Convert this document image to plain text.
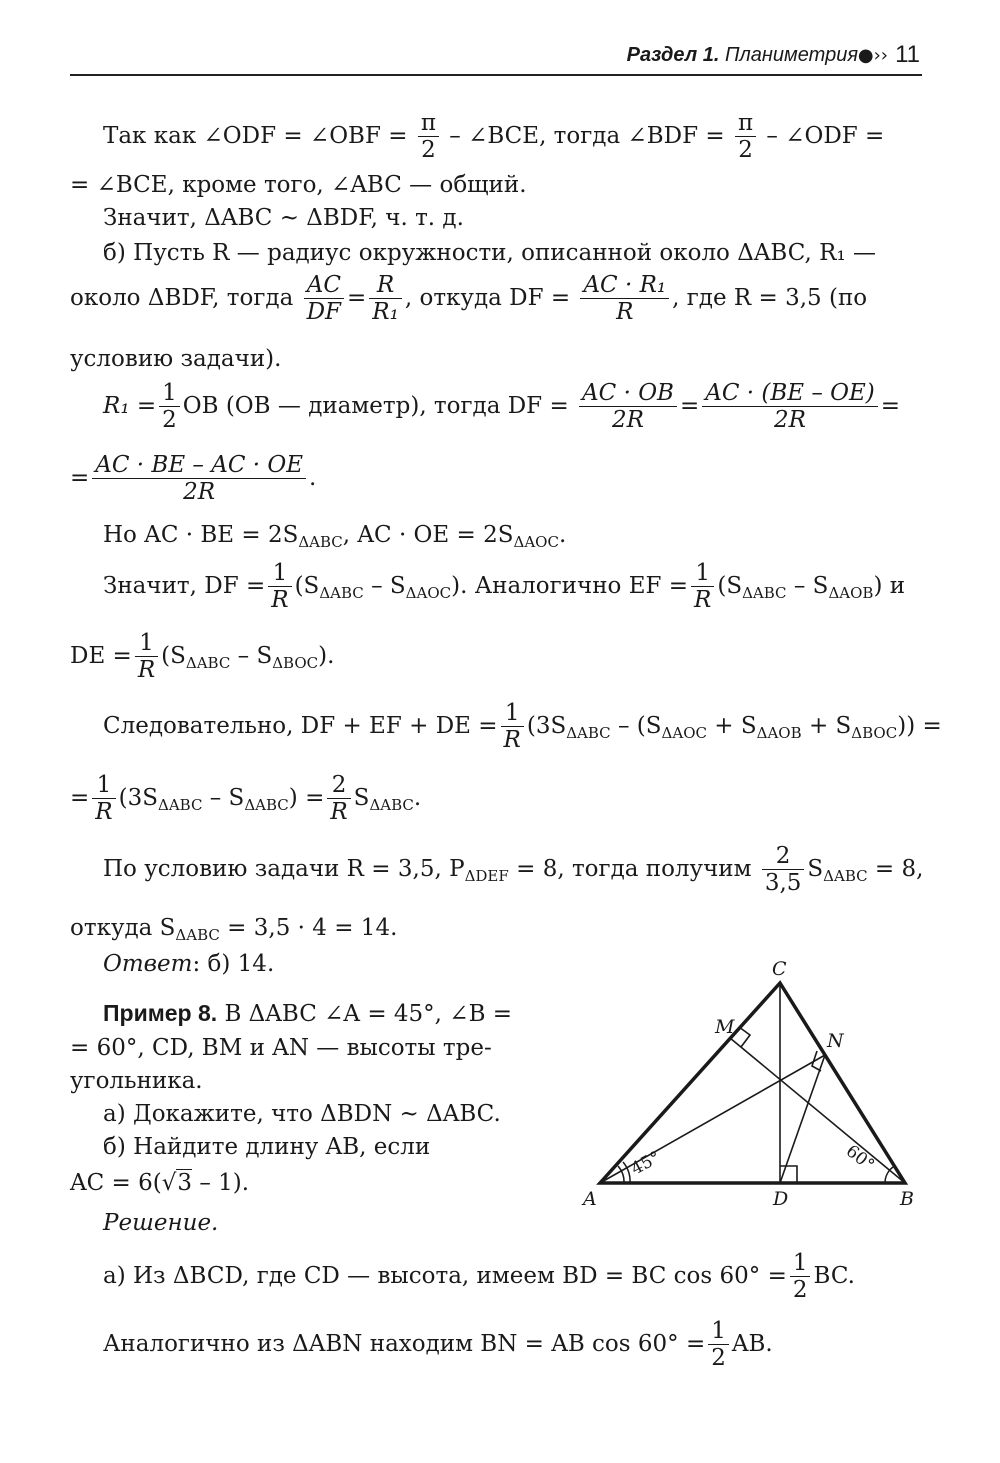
Раздел 1. Планиметрия ●›› 11
Так как ∠ODF = ∠OBF = $\frac{\pi}{2}$ – ∠BCE, тогда ∠BDF = $\frac{\pi}{2}$ – ∠ODF =
= ∠BCE, кроме того, ∠ABC — общий.
Значит, ΔABC ~ ΔBDF, ч. т. д.
б) Пусть R — радиус окружности, описанной около ΔABC, R₁ —
около ΔBDF, тогда $\frac{AC}{DF} = \frac{R}{\text{R₁}}$ , откуда DF = $\frac{\text{AC · R₁}}{R}$ , где R = 3,5 (по
условию задачи).
$R_1 = \frac{1}{2}$ OB (OB — диаметр), тогда DF = $\frac{AC \cdot OB}{2R} = \frac{AC \cdot (BE - OE)}{2R}$ =
= $\frac{AC \cdot BE - AC \cdot OE}{2R}$ .
Но AC · BE = $2S_{\Delta ABC}$, AC · OE = $2S_{\Delta AOC}$.
Значит, DF = $\frac{1}{R} (S_{\Delta ABC} - S_{\Delta AOC})$. Аналогично EF = $\frac{1}{R} (S_{\Delta ABC} - S_{\Delta AOB})$ и
DE = $\frac{1}{R} (S_{\Delta ABC} - S_{\Delta BOC})$.
Следовательно, DF + EF + DE = $\frac{1}{R} (3S_{\Delta ABC} - (S_{\Delta AOC} + S_{\Delta AOB} + S_{\Delta BOC}))$ =
= $\frac{1}{R} (3S_{\Delta ABC} - S_{\Delta ABC}) = \frac{2}{R} S_{\Delta ABC}$.
По условию задачи R = 3,5, $P_{\Delta DEF} = 8$, тогда получим $\frac{2}{3,5} S_{\Delta ABC} = 8$,
откуда $S_{\Delta ABC} = 3,5 \cdot 4 = 14$.
Ответ: б) 14.
Пример 8. В ΔABC ∠A = 45°, ∠B =
= 60°, CD, BM и AN — высоты тре-
угольника.
а) Докажите, что ΔBDN ~ ΔABC.
б) Найдите длину AB, если
AC = 6(√3 – 1).
Решение.
а) Из ΔBCD, где CD — высота, имеем BD = BC $\cos 60^\circ = \frac{1}{2}$ BC.
Аналогично из ΔABN находим BN = AB $\cos 60^\circ = \frac{1}{2}$ AB.
C
M
N
A	D	B
45°	60°
